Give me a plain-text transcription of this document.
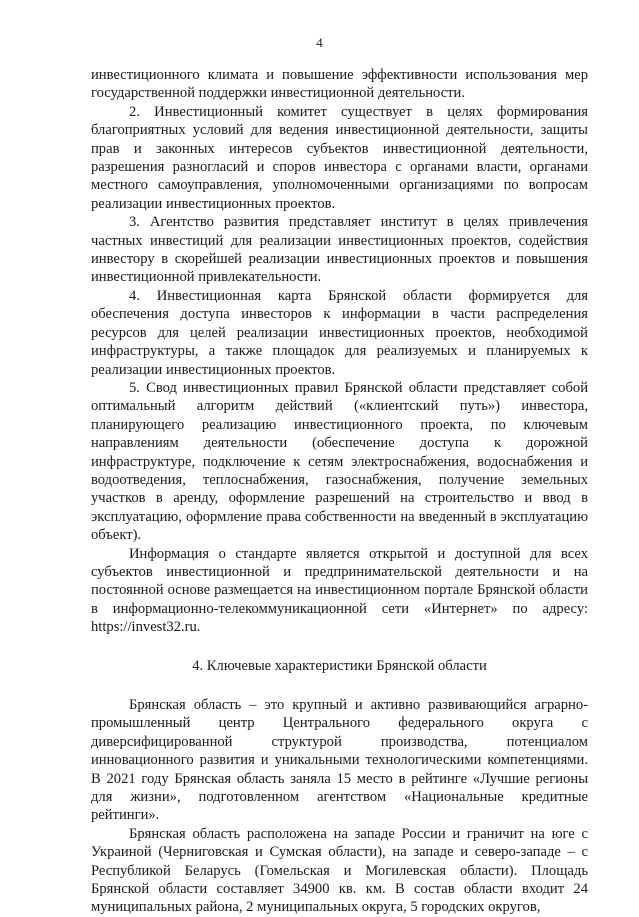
4

инвестиционного климата и повышение эффективности использования мер государственной поддержки инвестиционной деятельности.

2. Инвестиционный комитет существует в целях формирования благоприятных условий для ведения инвестиционной деятельности, защиты прав и законных интересов субъектов инвестиционной деятельности, разрешения разногласий и споров инвестора с органами власти, органами местного самоуправления, уполномоченными организациями по вопросам реализации инвестиционных проектов.

3. Агентство развития представляет институт в целях привлечения частных инвестиций для реализации инвестиционных проектов, содействия инвестору в скорейшей реализации инвестиционных проектов и повышения инвестиционной привлекательности.

4. Инвестиционная карта Брянской области формируется для обеспечения доступа инвесторов к информации в части распределения ресурсов для целей реализации инвестиционных проектов, необходимой инфраструктуры, а также площадок для реализуемых и планируемых к реализации инвестиционных проектов.

5. Свод инвестиционных правил Брянской области представляет собой оптимальный алгоритм действий («клиентский путь») инвестора, планирующего реализацию инвестиционного проекта, по ключевым направлениям деятельности (обеспечение доступа к дорожной инфраструктуре, подключение к сетям электроснабжения, водоснабжения и водоотведения, теплоснабжения, газоснабжения, получение земельных участков в аренду, оформление разрешений на строительство и ввод в эксплуатацию, оформление права собственности на введенный в эксплуатацию объект).

Информация о стандарте является открытой и доступной для всех субъектов инвестиционной и предпринимательской деятельности и на постоянной основе размещается на инвестиционном портале Брянской области в информационно-телекоммуникационной сети «Интернет» по адресу: https://invest32.ru.

4. Ключевые характеристики Брянской области

Брянская область – это крупный и активно развивающийся аграрно-промышленный центр Центрального федерального округа с диверсифицированной структурой производства, потенциалом инновационного развития и уникальными технологическими компетенциями. В 2021 году Брянская область заняла 15 место в рейтинге «Лучшие регионы для жизни», подготовленном агентством «Национальные кредитные рейтинги».

Брянская область расположена на западе России и граничит на юге с Украиной (Черниговская и Сумская области), на западе и северо-западе – с Республикой Беларусь (Гомельская и Могилевская области). Площадь Брянской области составляет 34900 кв. км. В состав области входит 24 муниципальных района, 2 муниципальных округа, 5 городских округов,
